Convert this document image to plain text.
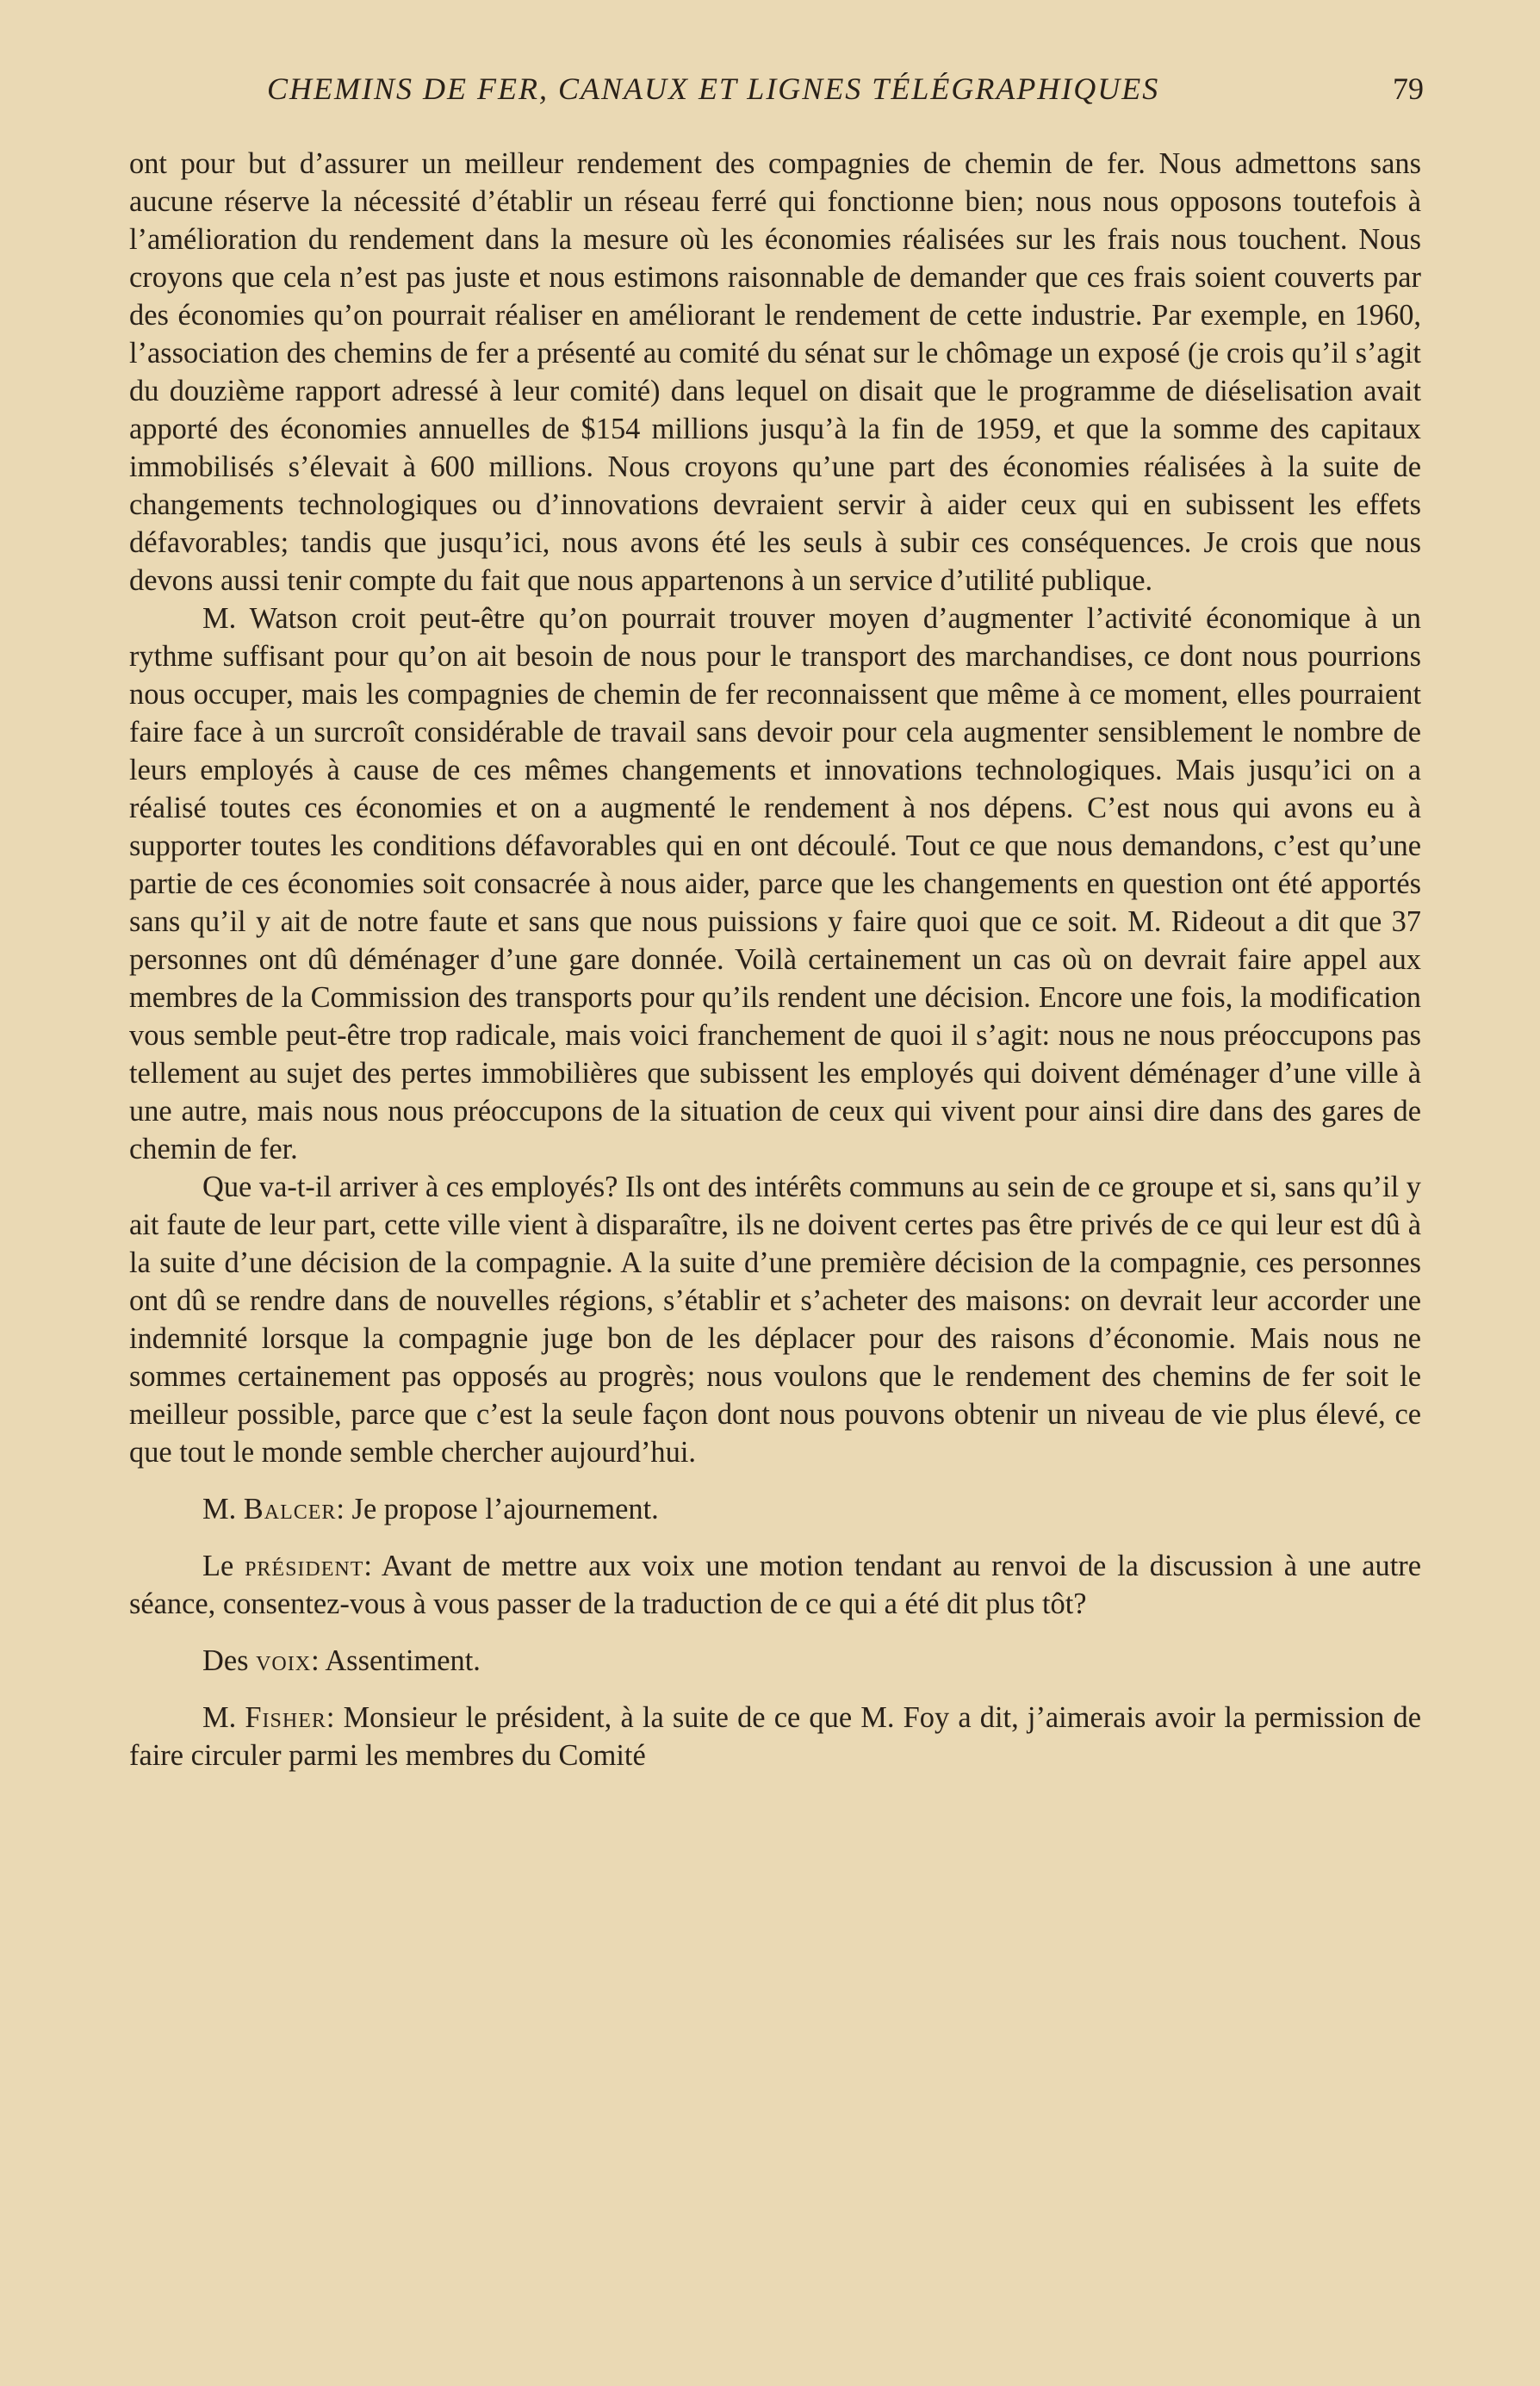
CHEMINS DE FER, CANAUX ET LIGNES TÉLÉGRAPHIQUES	79

ont pour but d’assurer un meilleur rendement des compagnies de chemin de fer. Nous admettons sans aucune réserve la nécessité d’établir un réseau ferré qui fonctionne bien; nous nous opposons toutefois à l’amélioration du rendement dans la mesure où les économies réalisées sur les frais nous touchent. Nous croyons que cela n’est pas juste et nous estimons raisonnable de demander que ces frais soient couverts par des économies qu’on pourrait réaliser en améliorant le rendement de cette industrie. Par exemple, en 1960, l’association des chemins de fer a présenté au comité du sénat sur le chômage un exposé (je crois qu’il s’agit du douzième rapport adressé à leur comité) dans lequel on disait que le programme de diéselisation avait apporté des économies annuelles de $154 millions jusqu’à la fin de 1959, et que la somme des capitaux immobilisés s’élevait à 600 millions. Nous croyons qu’une part des économies réalisées à la suite de changements technologiques ou d’innovations devraient servir à aider ceux qui en subissent les effets défavorables; tandis que jusqu’ici, nous avons été les seuls à subir ces conséquences. Je crois que nous devons aussi tenir compte du fait que nous appartenons à un service d’utilité publique.

M. Watson croit peut-être qu’on pourrait trouver moyen d’augmenter l’activité économique à un rythme suffisant pour qu’on ait besoin de nous pour le transport des marchandises, ce dont nous pourrions nous occuper, mais les compagnies de chemin de fer reconnaissent que même à ce moment, elles pourraient faire face à un surcroît considérable de travail sans devoir pour cela augmenter sensiblement le nombre de leurs employés à cause de ces mêmes changements et innovations technologiques. Mais jusqu’ici on a réalisé toutes ces économies et on a augmenté le rendement à nos dépens. C’est nous qui avons eu à supporter toutes les conditions défavorables qui en ont découlé. Tout ce que nous demandons, c’est qu’une partie de ces économies soit consacrée à nous aider, parce que les changements en question ont été apportés sans qu’il y ait de notre faute et sans que nous puissions y faire quoi que ce soit. M. Rideout a dit que 37 personnes ont dû déménager d’une gare donnée. Voilà certainement un cas où on devrait faire appel aux membres de la Commission des transports pour qu’ils rendent une décision. Encore une fois, la modification vous semble peut-être trop radicale, mais voici franchement de quoi il s’agit: nous ne nous préoccupons pas tellement au sujet des pertes immobilières que subissent les employés qui doivent déménager d’une ville à une autre, mais nous nous préoccupons de la situation de ceux qui vivent pour ainsi dire dans des gares de chemin de fer.

Que va-t-il arriver à ces employés? Ils ont des intérêts communs au sein de ce groupe et si, sans qu’il y ait faute de leur part, cette ville vient à disparaître, ils ne doivent certes pas être privés de ce qui leur est dû à la suite d’une décision de la compagnie. A la suite d’une première décision de la compagnie, ces personnes ont dû se rendre dans de nouvelles régions, s’établir et s’acheter des maisons: on devrait leur accorder une indemnité lorsque la compagnie juge bon de les déplacer pour des raisons d’économie. Mais nous ne sommes certainement pas opposés au progrès; nous voulons que le rendement des chemins de fer soit le meilleur possible, parce que c’est la seule façon dont nous pouvons obtenir un niveau de vie plus élevé, ce que tout le monde semble chercher aujourd’hui.

M. Balcer: Je propose l’ajournement.

Le président: Avant de mettre aux voix une motion tendant au renvoi de la discussion à une autre séance, consentez-vous à vous passer de la traduction de ce qui a été dit plus tôt?

Des voix: Assentiment.

M. Fisher: Monsieur le président, à la suite de ce que M. Foy a dit, j’aimerais avoir la permission de faire circuler parmi les membres du Comité
